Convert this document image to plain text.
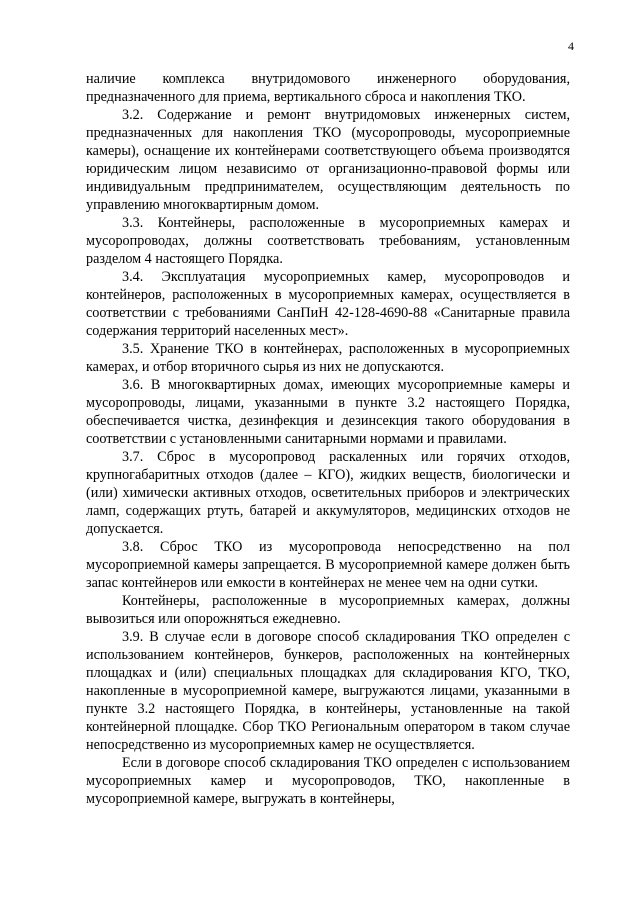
4

наличие комплекса внутридомового инженерного оборудования, предназначенного для приема, вертикального сброса и накопления ТКО.

3.2. Содержание и ремонт внутридомовых инженерных систем, предназначенных для накопления ТКО (мусоропроводы, мусороприемные камеры), оснащение их контейнерами соответствующего объема производятся юридическим лицом независимо от организационно-правовой формы или индивидуальным предпринимателем, осуществляющим деятельность по управлению многоквартирным домом.

3.3. Контейнеры, расположенные в мусороприемных камерах и мусоропроводах, должны соответствовать требованиям, установленным разделом 4 настоящего Порядка.

3.4. Эксплуатация мусороприемных камер, мусоропроводов и контейнеров, расположенных в мусороприемных камерах, осуществляется в соответствии с требованиями СанПиН 42-128-4690-88 «Санитарные правила содержания территорий населенных мест».

3.5. Хранение ТКО в контейнерах, расположенных в мусороприемных камерах, и отбор вторичного сырья из них не допускаются.

3.6. В многоквартирных домах, имеющих мусороприемные камеры и мусоропроводы, лицами, указанными в пункте 3.2 настоящего Порядка, обеспечивается чистка, дезинфекция и дезинсекция такого оборудования в соответствии с установленными санитарными нормами и правилами.

3.7. Сброс в мусоропровод раскаленных или горячих отходов, крупногабаритных отходов (далее – КГО), жидких веществ, биологически и (или) химически активных отходов, осветительных приборов и электрических ламп, содержащих ртуть, батарей и аккумуляторов, медицинских отходов не допускается.

3.8. Сброс ТКО из мусоропровода непосредственно на пол мусороприемной камеры запрещается. В мусороприемной камере должен быть запас контейнеров или емкости в контейнерах не менее чем на одни сутки.

Контейнеры, расположенные в мусороприемных камерах, должны вывозиться или опорожняться ежедневно.

3.9. В случае если в договоре способ складирования ТКО определен с использованием контейнеров, бункеров, расположенных на контейнерных площадках и (или) специальных площадках для складирования КГО, ТКО, накопленные в мусороприемной камере, выгружаются лицами, указанными в пункте 3.2 настоящего Порядка, в контейнеры, установленные на такой контейнерной площадке. Сбор ТКО Региональным оператором в таком случае непосредственно из мусороприемных камер не осуществляется.

Если в договоре способ складирования ТКО определен с использованием мусороприемных камер и мусоропроводов, ТКО, накопленные в мусороприемной камере, выгружать в контейнеры,
